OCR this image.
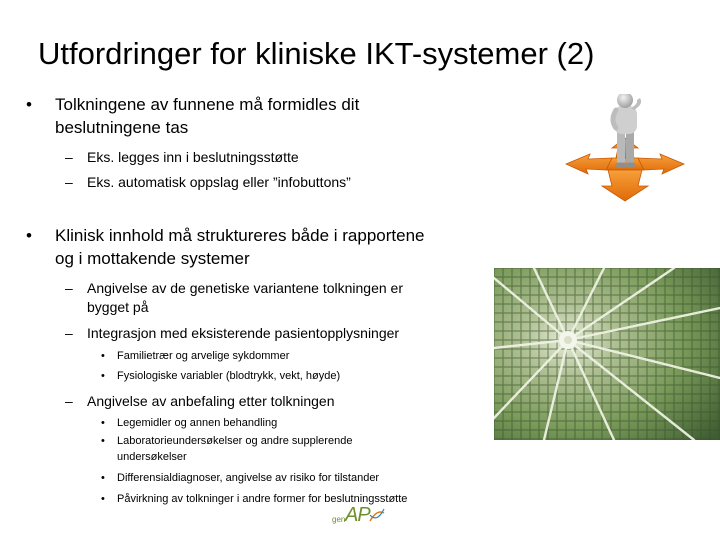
Utfordringer for kliniske IKT-systemer (2)
• Tolkningene av funnene må formidles dit
beslutningene tas
– Eks. legges inn i beslutningsstøtte
– Eks. automatisk oppslag eller ”infobuttons”
• Klinisk innhold må struktureres både i rapportene
og i mottakende systemer
– Angivelse av de genetiske variantene tolkningen er
bygget på
– Integrasjon med eksisterende pasientopplysninger
• Familietrær og arvelige sykdommer
• Fysiologiske variabler (blodtrykk, vekt, høyde)
– Angivelse av anbefaling etter tolkningen
• Legemidler og annen behandling
• Laboratorieundersøkelser og andre supplerende
undersøkelser
• Differensialdiagnoser, angivelse av risiko for tilstander
• Påvirkning av tolkninger i andre former for beslutningsstøtte
gen AP
